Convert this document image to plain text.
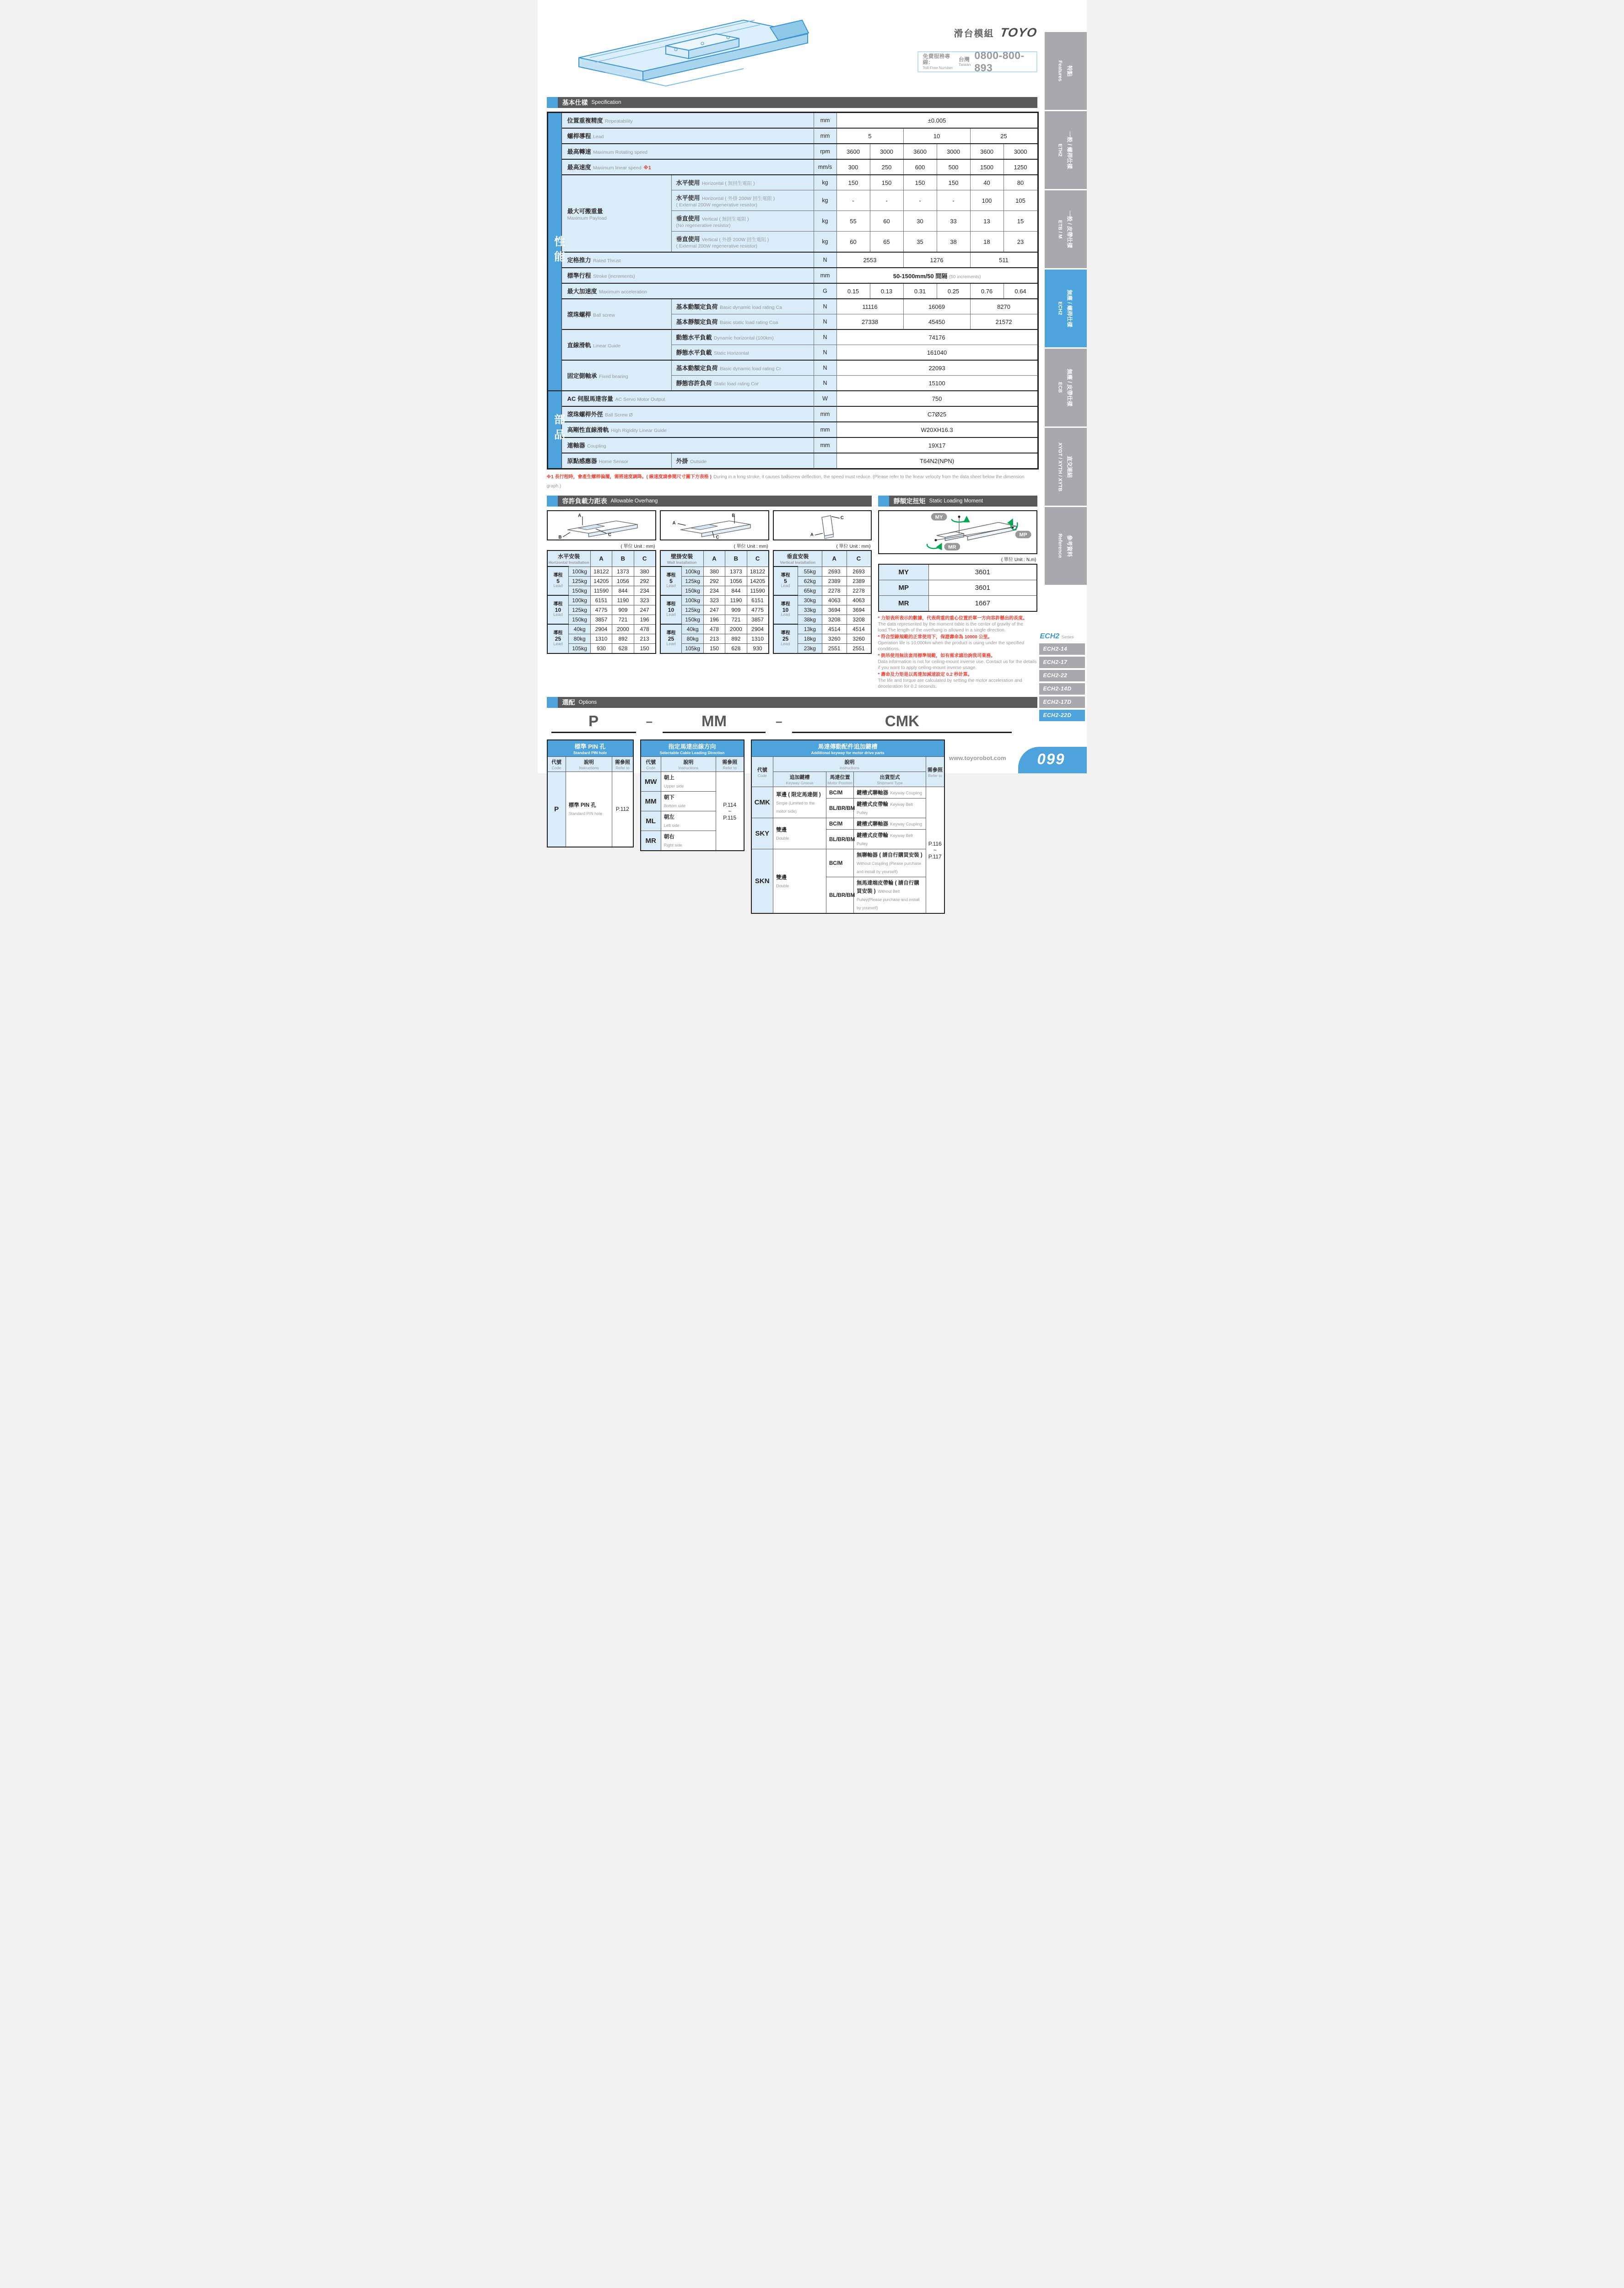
滑台模組 TOYO
免費服務專線：
Toll-Free Number
台灣
Taiwan
0800-800-893
基本仕樣 Specification
性能	位置重複精度 Repeatability		mm	±0.005					
	螺桿導程 Lead		mm	5		10		25	
	最高轉速 Maximum Rotating speed		rpm	3600	3000	3600	3000	3600	3000
	最高速度 Maximum linear speed ※1		mm/s	300	250	600	500	1500	1250
	最大可搬重量
Maximum Payload	水平使用 Horizontal ( 無回生電阻 )	kg	150	150	150	150	40	80
		水平使用 Horizontal ( 外掛 200W 回生電阻 )
( External 200W regenerative resistor)	kg	-	-	-	-	100	105
		垂直使用 Vertical ( 無回生電阻 )
(No regenerative resistor)	kg	55	60	30	33	13	15
		垂直使用 Vertical ( 外掛 200W 回生電阻 )
( External 200W regenerative resistor)	kg	60	65	35	38	18	23
	定格推力 Rated Thrust		N	2553		1276		511	
	標準行程 Stroke (increments)		mm	50-1500mm/50 間隔 (50 increments)					
	最大加速度 Maximum acceleration		G	0.15	0.13	0.31	0.25	0.76	0.64
	滾珠螺桿 Ball screw	基本動額定負荷 Basic dynamic load rating Ca	N	11116		16069		8270	
		基本靜額定負荷 Basic static load rating Coa	N	27338		45450		21572	
	直線滑軌 Linear Guide	動態水平負載 Dynamic horizontal (100km)	N	74176					
		靜態水平負載 Static Horizontal	N	161040					
	固定側軸承 Fixed bearing	基本動額定負荷 Basic dynamic load rating Cr	N	22093					
		靜態容許負荷 Static load rating Cor	N	15100					
部品	AC 伺服馬達容量 AC Servo Motor Output		W	750					
	滾珠螺桿外徑 Ball Screw Ø		mm	C7Ø25					
	高剛性直線滑軌 High Rigidity Linear Guide		mm	W20XH16.3					
	連軸器 Coupling		mm	19X17					
	原點感應器 Home Sensor	外掛 Outside		T64N2(NPN)					
※1 長行程時，會產生螺桿偏擺，需將速度調降。( 線速度請參閱尺寸圖下方表格 ) During in a long stroke, it causes ballscrew deflection, the speed must reduce. (Please refer to the linear velocity from the data sheet below the dimension graph.)
容許負載力距表 Allowable Overhang
A
B
C
( 單位 Unit : mm)
水平安裝
Horizontal Installation		A	B	C

導程
5
Lead	100kg	18122	1373	380
	125kg	14205	1056	292
	150kg	11590	844	234

導程
10
Lead	100kg	6151	1190	323
	125kg	4775	909	247
	150kg	3857	721	196

導程
25
Lead	40kg	2904	2000	478
	80kg	1310	892	213
	105kg	930	628	150
A
B
C
( 單位 Unit : mm)
壁掛安裝
Wall Installation		A	B	C

導程
5
Lead	100kg	380	1373	18122
	125kg	292	1056	14205
	150kg	234	844	11590

導程
10
Lead	100kg	323	1190	6151
	125kg	247	909	4775
	150kg	196	721	3857

導程
25
Lead	40kg	478	2000	2904
	80kg	213	892	1310
	105kg	150	628	930
C
A
( 單位 Unit : mm)
垂直安裝
Vertical Installation		A	C

導程
5
Lead	55kg	2693	2693
	62kg	2389	2389
	65kg	2278	2278

導程
10
Lead	30kg	4063	4063
	33kg	3694	3694
	38kg	3208	3208

導程
25
Lead	13kg	4514	4514
	18kg	3260	3260
	23kg	2551	2551
靜額定扭矩 Static Loading Moment
MY
MP
MR
( 單位 Unit : N.m)
MY	3601
MP	3601
MR	1667
* 力矩表所表示的數據，代表荷重的重心位置於單一方向容許懸出的長度。
The data represented by the moment table is the center of gravity of the load.The length of the overhang is allowed in a single direction.
* 符合型錄規範的正常使用下，保證壽命為 10000 公里。
Operation life is 10,000km when the product is using under the specified conditions.
* 倒吊使用無法套用標準規範，如有需求請洽詢我司業務。
Data information is not for ceiling-mount inverse use. Contact us for the details if you want to apply ceiling-mount inverse usage.
* 壽命及力矩是以馬達加減速設定 0.2 秒計算。
The life and torque are calculated by setting the motor acceleration and deceleration for 0.2 seconds.
選配 Options
P	–	MM	–	CMK
標準 PIN 孔
Standard PIN hole		

代號
Code	說明
Instructions	需參照
Refer to

P	標準 PIN 孔
Standard PIN hole	P.112
指定馬達出線方向
Selectable Cable Leading Direction		

代號
Code	說明
Instructions	需參照
Refer to

MW	朝上
Upper side	P.114
~
P.115
MM	朝下
Bottom side	
ML	朝左
Left side	
MR	朝右
Right side	
馬達傳動配件追加鍵槽
Additional keyway for motor drive parts				

代號
Code	說明
instructions			需參照
Refer to

	追加鍵槽
Keyway Groove	馬達位置
Motor Position	出貨型式
Shipment Type	

CMK	單邊 ( 限定馬達側 )
Single (Limited to the motor side)	BC/M	鍵槽式聯軸器 Keyway Coupling	P.116
~
P.117
		BL/BR/BM	鍵槽式皮帶輪 Keyway Belt Pulley	
SKY	雙邊
Double	BC/M	鍵槽式聯軸器 Keyway Coupling	
		BL/BR/BM	鍵槽式皮帶輪 Keyway Belt Pulley	
SKN	雙邊
Double	BC/M	無聯軸器 ( 請自行購買安裝 ) Without Coupling (Please purchase and install by yourself)	
		BL/BR/BM	無馬達端皮帶輪 ( 請自行購買安裝 ) Without Belt Pulley(Please purchase and install by yourself)	
Features 特點
ETH2 一般 / 螺桿仕樣
ETB / M 一般 / 皮帶仕樣
ECH2 無塵 / 螺桿仕樣
ECB 無塵 / 皮帶仕樣
XYGT / XYTH / XYTB 直交連結
Reference 參考資料
ECH2 Series
ECH2-14
ECH2-17
ECH2-22
ECH2-14D
ECH2-17D
ECH2-22D
www.toyorobot.com 099
